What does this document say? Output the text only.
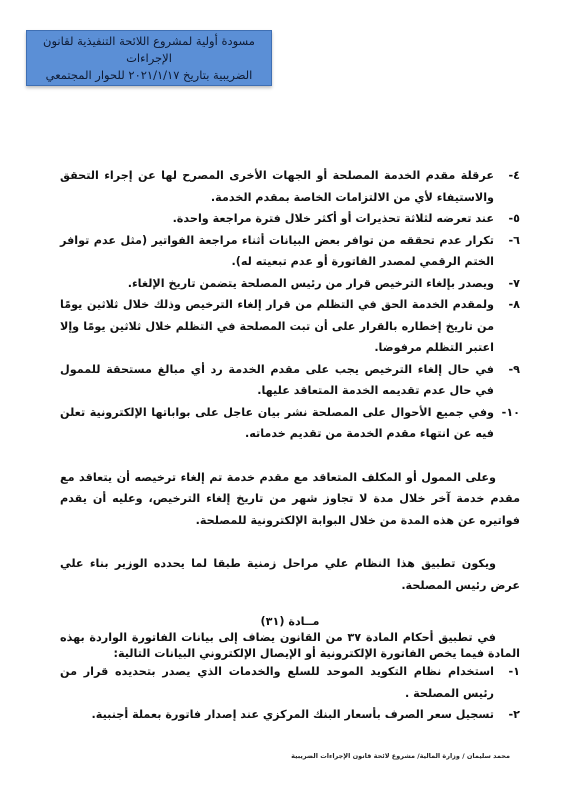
مسودة أولية لمشروع اللائحة التنفيذية لقانون الإجراءات
الضريبية بتاريخ ٢٠٢١/١/١٧ للحوار المجتمعي
٤-
عرقلة مقدم الخدمة المصلحة أو الجهات الأخرى المصرح لها عن إجراء التحقق والاستيفاء لأي من الالتزامات الخاصة بمقدم الخدمة.
٥-
عند تعرضه لثلاثة تحذيرات أو أكثر خلال فترة مراجعة واحدة.
٦-
تكرار عدم تحققه من توافر بعض البيانات أثناء مراجعة الفواتير (مثل عدم توافر الختم الرقمي لمصدر الفاتورة أو عدم تبعيته له).
٧-
ويصدر بإلغاء الترخيص قرار من رئيس المصلحة يتضمن تاريخ الإلغاء.
٨-
ولمقدم الخدمة الحق في التظلم من قرار إلغاء الترخيص وذلك خلال ثلاثين يومًا من تاريخ إخطاره بالقرار على أن تبت المصلحة في التظلم خلال ثلاثين يومًا وإلا اعتبر التظلم مرفوضا.
٩-
في حال إلغاء الترخيص يجب على مقدم الخدمة رد أي مبالغ مستحقة للممول في حال عدم تقديمه الخدمة المتعاقد عليها.
١٠-
وفي جميع الأحوال على المصلحة نشر بيان عاجل على بواباتها الإلكترونية تعلن فيه عن انتهاء مقدم الخدمة من تقديم خدماته.
وعلى الممول أو المكلف المتعاقد مع مقدم خدمة تم إلغاء ترخيصه أن يتعاقد مع مقدم خدمة آخر خلال مدة لا تجاوز شهر من تاريخ إلغاء الترخيص، وعليه أن يقدم فواتيره عن هذه المدة من خلال البوابة الإلكترونية للمصلحة.
ويكون تطبيق هذا النظام علي مراحل زمنية طبقا لما يحدده الوزير بناء علي عرض رئيس المصلحة.
مــادة (٣١)
في تطبيق أحكام المادة ٣٧ من القانون يضاف إلى بيانات الفاتورة الواردة بهذه المادة فيما يخص الفاتورة الإلكترونية أو الإيصال الإلكتروني البيانات التالية:
١-
استخدام نظام التكويد الموحد للسلع والخدمات الذي يصدر بتحديده قرار من رئيس المصلحة .
٢-
تسجيل سعر الصرف بأسعار البنك المركزي عند إصدار فاتورة بعملة أجنبية.
محمد سليمان / وزارة المالية/ مشروع لائحة قانون الإجراءات الضريبية
